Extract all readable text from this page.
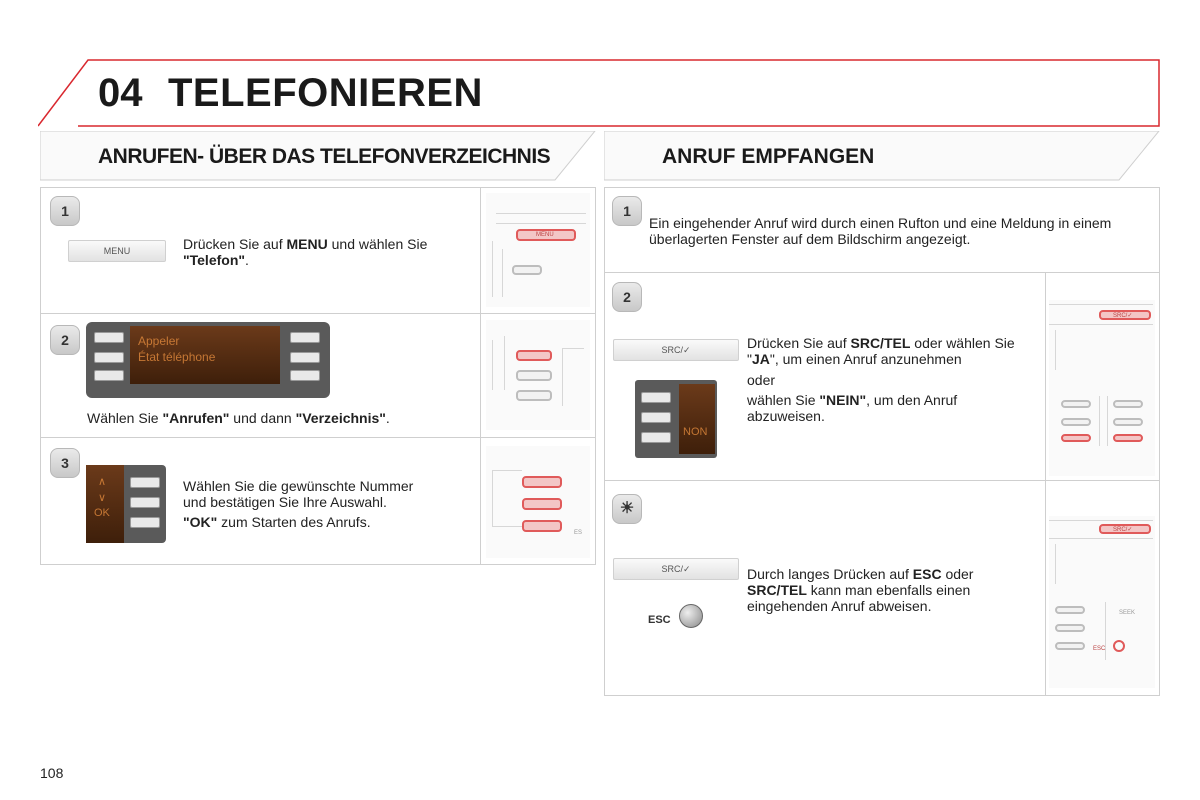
04 TELEFONIEREN
ANRUFEN- ÜBER DAS TELEFONVERZEICHNIS	ANRUF EMPFANGEN
1
MENU	Drücken Sie auf MENU und wählen Sie "Telefon".
MENU
2	Appeler
État téléphone
Wählen Sie "Anrufen" und dann "Verzeichnis".
3
∧
∨
OK
Wählen Sie die gewünschte Nummer
und bestätigen Sie Ihre Auswahl.
"OK" zum Starten des Anrufs.
ES
1
Ein eingehender Anruf wird durch einen Rufton und eine Meldung in einem überlagerten Fenster auf dem Bildschirm angezeigt.
2
SRC/✓
NON
Drücken Sie auf SRC/TEL oder wählen Sie "JA", um einen Anruf anzunehmen
oder
wählen Sie "NEIN", um den Anruf abzuweisen.
SRC/✓
☀
SRC/✓
ESC
Durch langes Drücken auf ESC oder SRC/TEL kann man ebenfalls einen eingehenden Anruf abweisen.
SRC/✓
SEEK
ESC
108
